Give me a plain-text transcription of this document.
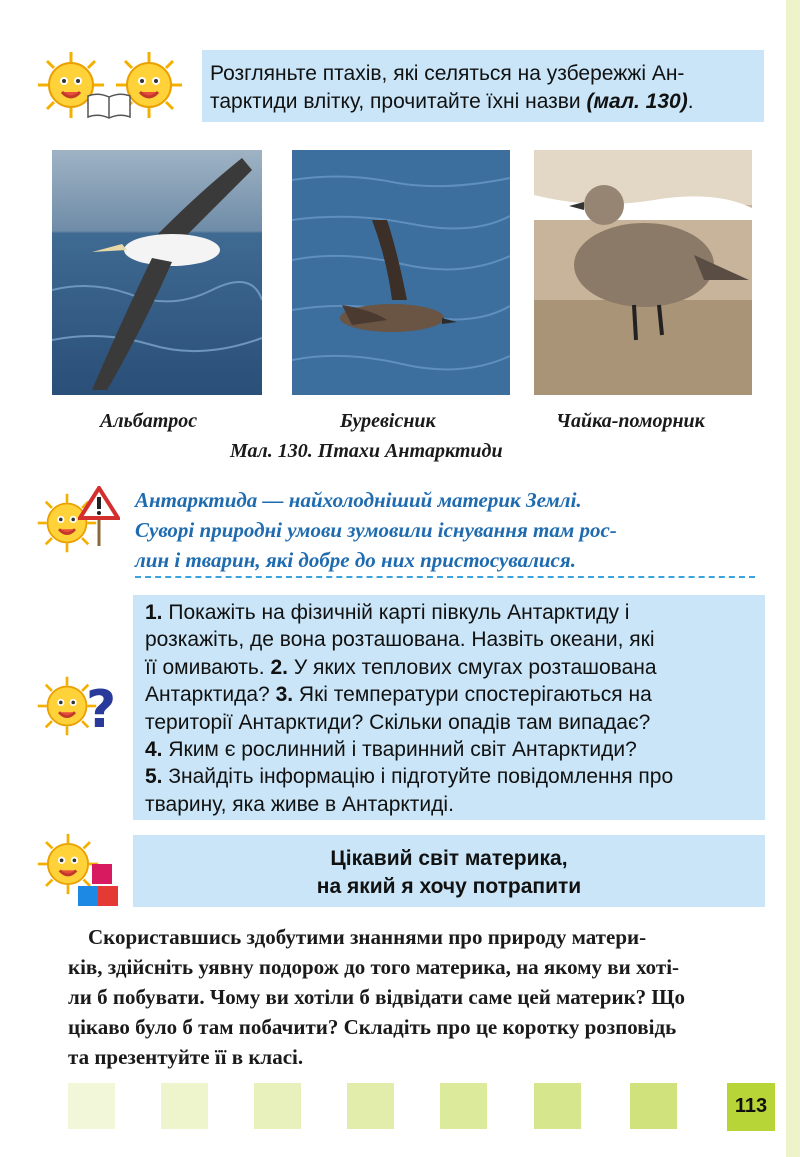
Розгляньте птахів, які селяться на узбережжі Ан-
тарктиди влітку, прочитайте їхні назви (мал. 130).
Альбатрос	Буревісник	Чайка-поморник
Мал. 130. Птахи Антарктиди
Антарктида — найхолодніший материк Землі.
Суворі природні умови зумовили існування там рос-
лин і тварин, які добре до них пристосувалися.
?
1. Покажіть на фізичній карті півкуль Антарктиду і
розкажіть, де вона розташована. Назвіть океани, які
її омивають. 2. У яких теплових смугах розташована
Антарктида? 3. Які температури спостерігаються на
території Антарктиди? Скільки опадів там випадає?
4. Яким є рослинний і тваринний світ Антарктиди?
5. Знайдіть інформацію і підготуйте повідомлення про
тварину, яка живе в Антарктиді.
Цікавий світ материка,
на який я хочу потрапити
Скориставшись здобутими знаннями про природу матери-
ків, здійсніть уявну подорож до того материка, на якому ви хоті-
ли б побувати. Чому ви хотіли б відвідати саме цей материк? Що
цікаво було б там побачити? Складіть про це коротку розповідь
та презентуйте її в класі.
113
